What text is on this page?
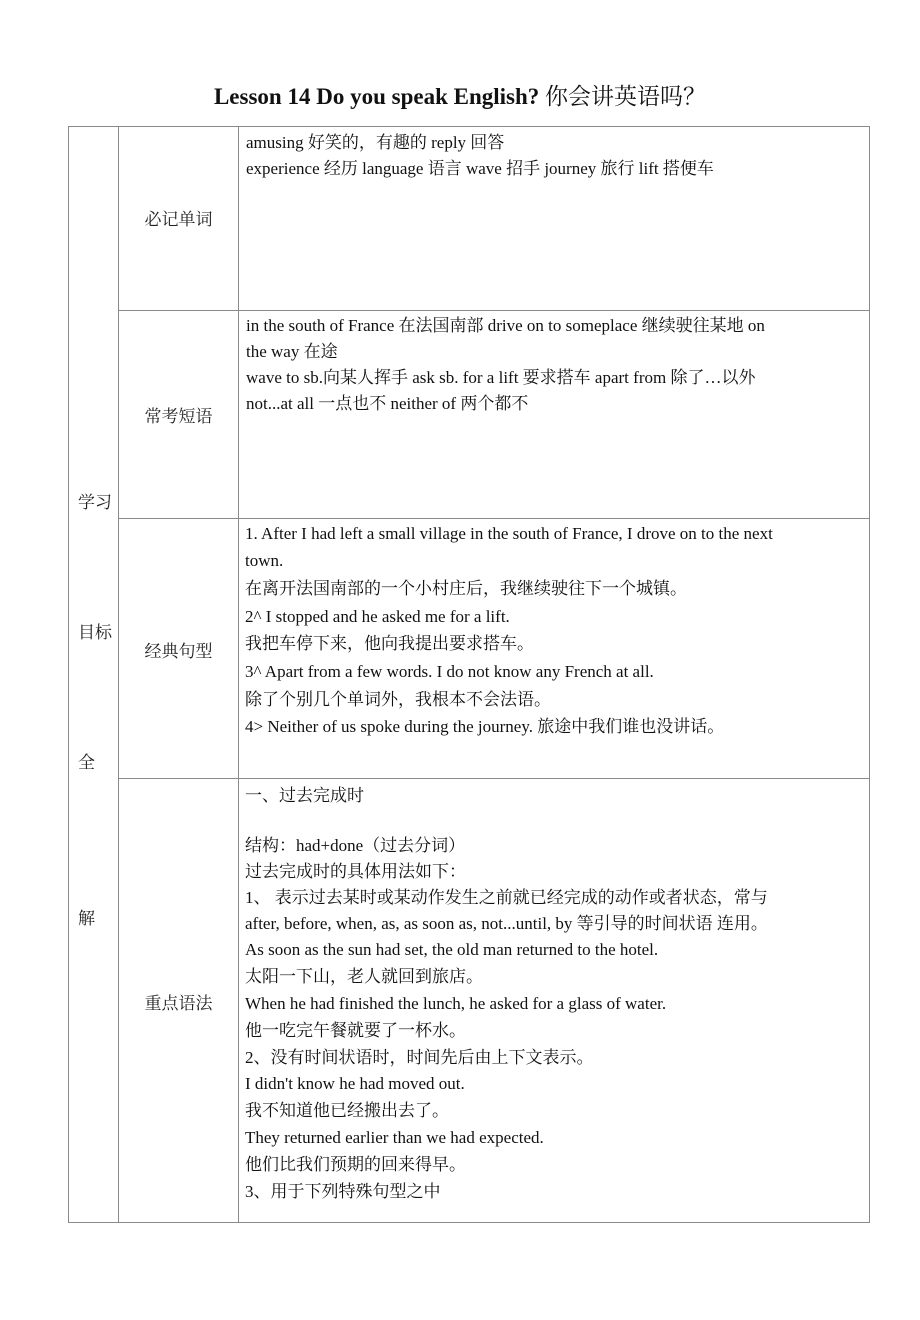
Lesson 14 Do you speak English? 你会讲英语吗？
学习
目标
全
解
必记单词
常考短语
经典句型
重点语法
amusing 好笑的，有趣的 reply 回答
experience 经历 language 语言 wave 招手 journey 旅行 lift 搭便车
in the south of France 在法国南部 drive on to someplace 继续驶往某地 on
the way 在途
wave to sb.向某人挥手 ask sb. for a lift 要求搭车 apart from 除了…以外
not...at all 一点也不 neither of 两个都不
1. After I had left a small village in the south of France, I drove on to the next
town.
在离开法国南部的一个小村庄后，我继续驶往下一个城镇。
2^ I stopped and he asked me for a lift.
我把车停下来，他向我提出要求搭车。
3^ Apart from a few words. I do not know any French at all.
除了个别几个单词外，我根本不会法语。
4> Neither of us spoke during the journey. 旅途中我们谁也没讲话。
一、过去完成时
结构：had+done（过去分词）
过去完成时的具体用法如下：
1、 表示过去某时或某动作发生之前就已经完成的动作或者状态，常与
after, before, when, as, as soon as, not...until, by 等引导的时间状语 连用。
As soon as the sun had set, the old man returned to the hotel.
太阳一下山，老人就回到旅店。
When he had finished the lunch, he asked for a glass of water.
他一吃完午餐就要了一杯水。
2、没有时间状语时，时间先后由上下文表示。
I didn't know he had moved out.
我不知道他已经搬出去了。
They returned earlier than we had expected.
他们比我们预期的回来得早。
3、用于下列特殊句型之中
